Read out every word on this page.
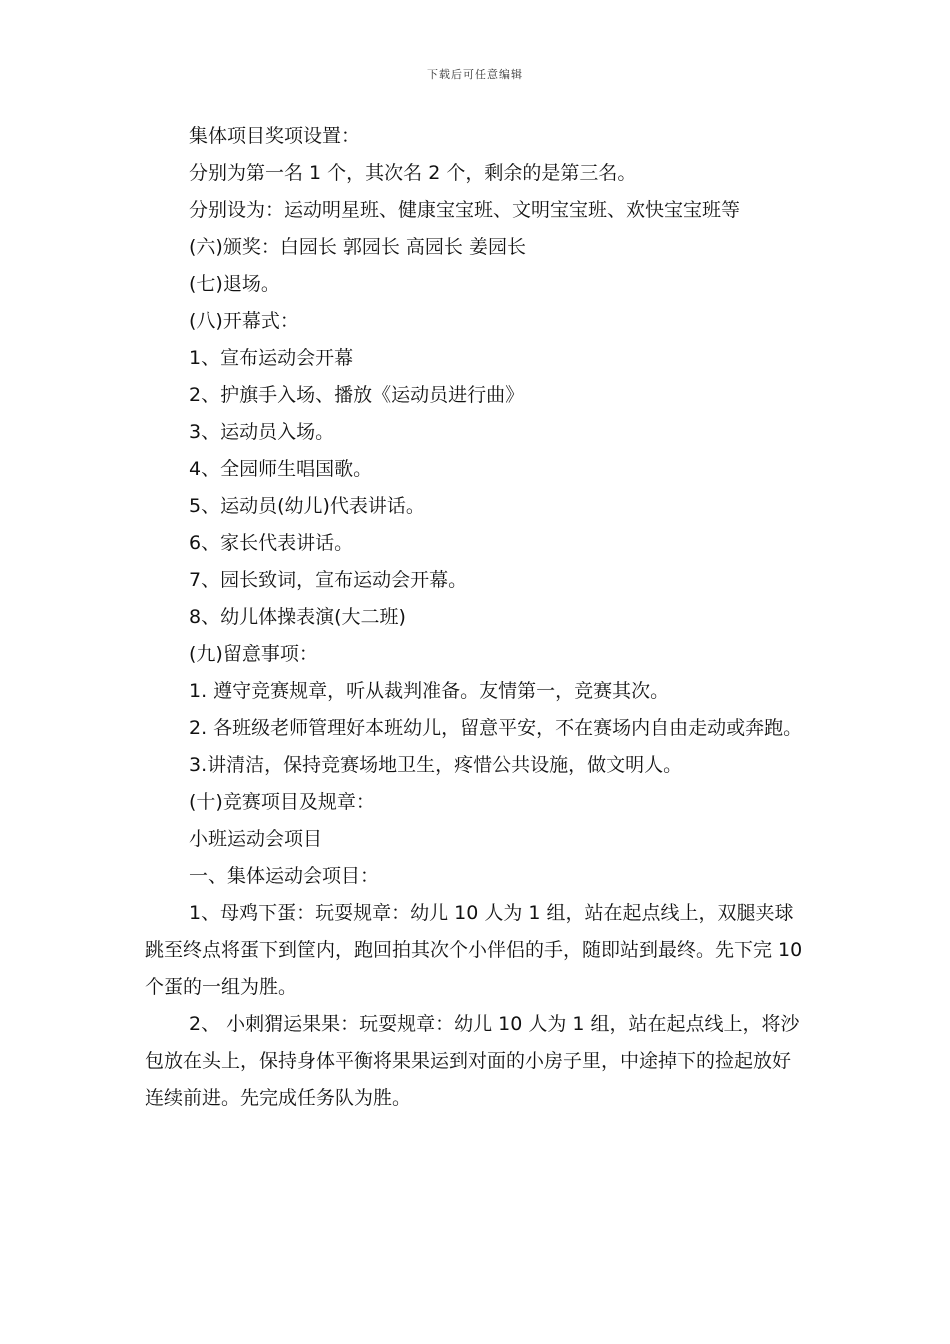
下载后可任意编辑

集体项目奖项设置：

分别为第一名 1 个，其次名 2 个，剩余的是第三名。

分别设为：运动明星班、健康宝宝班、文明宝宝班、欢快宝宝班等

(六)颁奖：白园长 郭园长 高园长 姜园长

(七)退场。

(八)开幕式：

1、宣布运动会开幕

2、护旗手入场、播放《运动员进行曲》

3、运动员入场。

4、全园师生唱国歌。

5、运动员(幼儿)代表讲话。

6、家长代表讲话。

7、园长致词，宣布运动会开幕。

8、幼儿体操表演(大二班)

(九)留意事项：

1. 遵守竞赛规章，听从裁判准备。友情第一，竞赛其次。

2. 各班级老师管理好本班幼儿，留意平安，不在赛场内自由走动或奔跑。

3.讲清洁，保持竞赛场地卫生，疼惜公共设施，做文明人。

(十)竞赛项目及规章：

小班运动会项目

一、集体运动会项目：

1、母鸡下蛋：玩耍规章：幼儿 10 人为 1 组，站在起点线上，双腿夹球跳至终点将蛋下到筐内，跑回拍其次个小伴侣的手，随即站到最终。先下完 10 个蛋的一组为胜。

2、 小刺猬运果果：玩耍规章：幼儿 10 人为 1 组，站在起点线上，将沙包放在头上，保持身体平衡将果果运到对面的小房子里，中途掉下的捡起放好连续前进。先完成任务队为胜。
